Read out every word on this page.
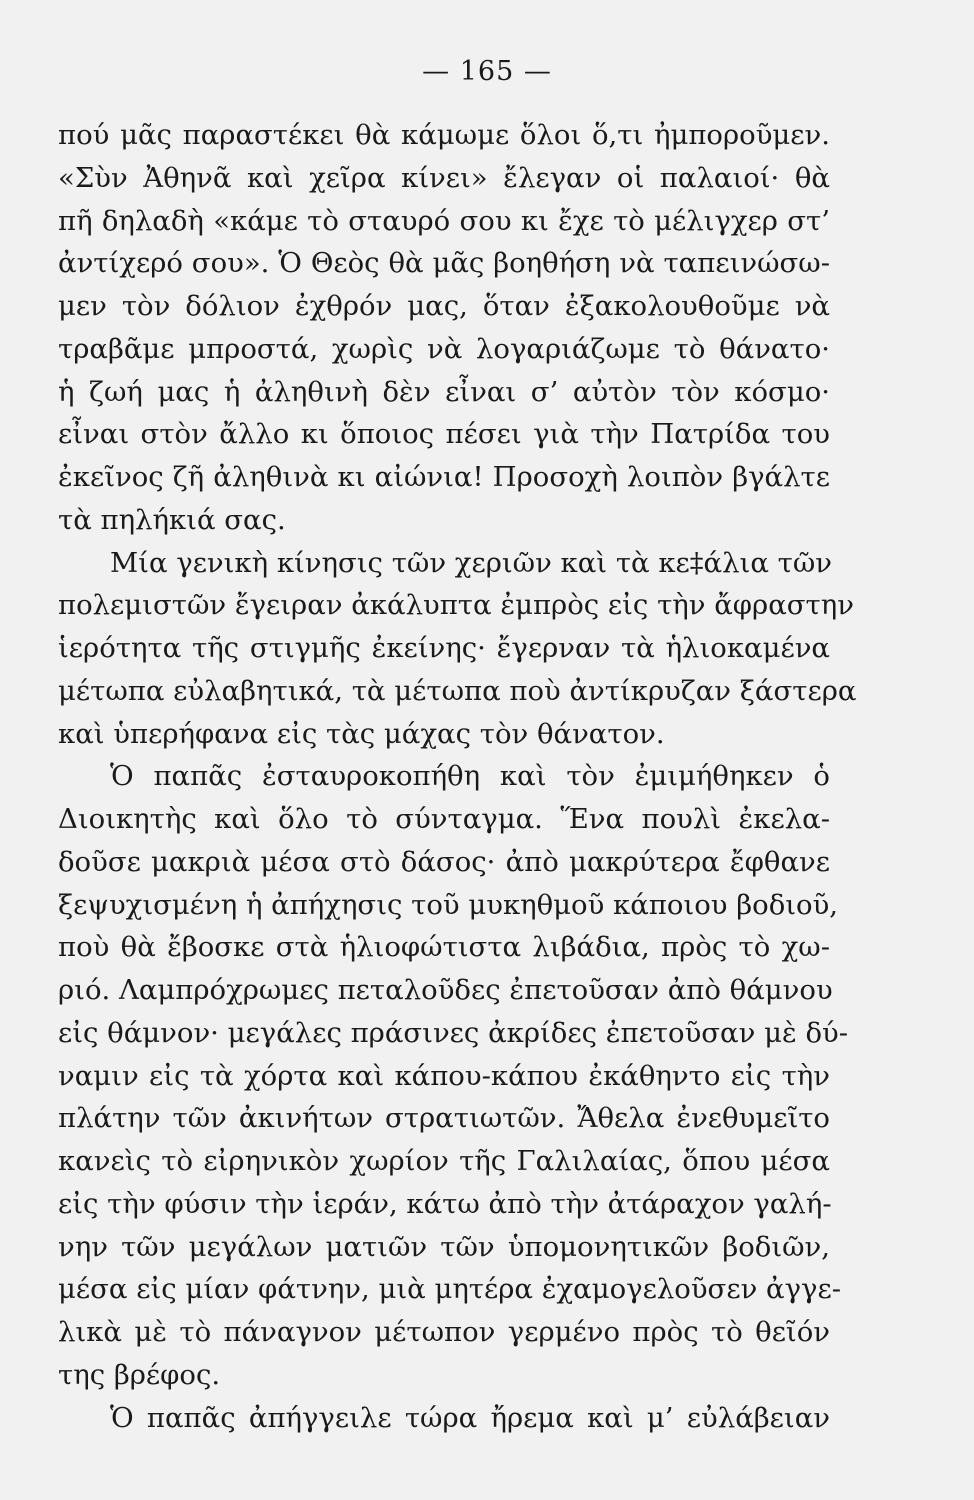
— 165 —
πού μᾶς παραστέκει θὰ κάμωμε ὅλοι ὅ,τι ἠμποροῦμεν.
«Σὺν Ἀθηνᾶ καὶ χεῖρα κίνει» ἔλεγαν οἱ παλαιοί· θὰ
πῆ δηλαδὴ «κάμε τὸ σταυρό σου κι ἔχε τὸ μέλιγχερ στ’
ἀντίχερό σου». Ὁ Θεὸς θὰ μᾶς βοηθήση νὰ ταπεινώσω-
μεν τὸν δόλιον ἐχθρόν μας, ὅταν ἐξακολουθοῦμε νὰ
τραβᾶμε μπροστά, χωρὶς νὰ λογαριάζωμε τὸ θάνατο·
ἡ ζωή μας ἡ ἀληθινὴ δὲν εἶναι σ’ αὐτὸν τὸν κόσμο·
εἶναι στὸν ἄλλο κι ὅποιος πέσει γιὰ τὴν Πατρίδα του
ἐκεῖνος ζῆ ἀληθινὰ κι αἰώνια! Προσοχὴ λοιπὸν βγάλτε
τὰ πηλήκιά σας.
Μία γενικὴ κίνησις τῶν χεριῶν καὶ τὰ κε‡άλια τῶν
πολεμιστῶν ἔγειραν ἀκάλυπτα ἐμπρὸς εἰς τὴν ἄφραστην
ἱερότητα τῆς στιγμῆς ἐκείνης· ἔγερναν τὰ ἡλιοκαμένα
μέτωπα εὐλαβητικά, τὰ μέτωπα ποὺ ἀντίκρυζαν ξάστερα
καὶ ὑπερήφανα εἰς τὰς μάχας τὸν θάνατον.
Ὁ παπᾶς ἐσταυροκοπήθη καὶ τὸν ἐμιμήθηκεν ὁ
Διοικητὴς καὶ ὅλο τὸ σύνταγμα. Ἕνα πουλὶ ἐκελα-
δοῦσε μακριὰ μέσα στὸ δάσος· ἀπὸ μακρύτερα ἔφθανε
ξεψυχισμένη ἡ ἀπήχησις τοῦ μυκηθμοῦ κάποιου βοδιοῦ,
ποὺ θὰ ἔβοσκε στὰ ἡλιοφώτιστα λιβάδια, πρὸς τὸ χω-
ριό. Λαμπρόχρωμες πεταλοῦδες ἐπετοῦσαν ἀπὸ θάμνου
εἰς θάμνον· μεγάλες πράσινες ἀκρίδες ἐπετοῦσαν μὲ δύ-
ναμιν εἰς τὰ χόρτα καὶ κάπου-κάπου ἐκάθηντο εἰς τὴν
πλάτην τῶν ἀκινήτων στρατιωτῶν. Ἄθελα ἐνεθυμεῖτο
κανεὶς τὸ εἰρηνικὸν χωρίον τῆς Γαλιλαίας, ὅπου μέσα
εἰς τὴν φύσιν τὴν ἱεράν, κάτω ἀπὸ τὴν ἀτάραχον γαλή-
νην τῶν μεγάλων ματιῶν τῶν ὑπομονητικῶν βοδιῶν,
μέσα εἰς μίαν φάτνην, μιὰ μητέρα ἐχαμογελοῦσεν ἀγγε-
λικὰ μὲ τὸ πάναγνον μέτωπον γερμένο πρὸς τὸ θεῖόν
της βρέφος.
Ὁ παπᾶς ἀπήγγειλε τώρα ἤρεμα καὶ μ’ εὐλάβειαν
